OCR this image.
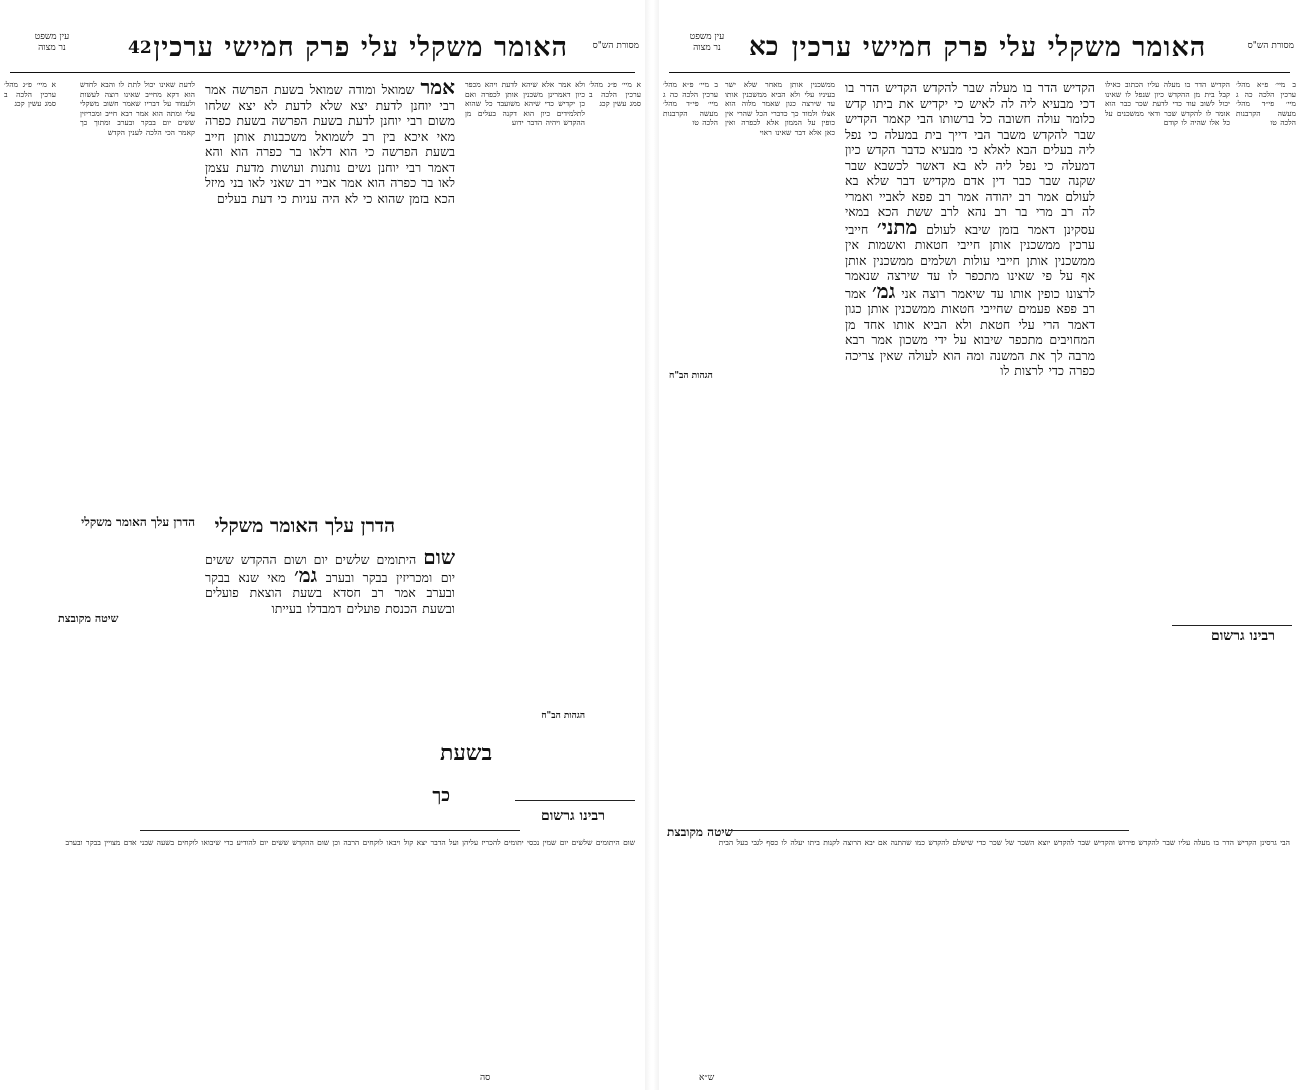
מסורת הש"ס
האומר משקלי עלי פרק חמישי ערכין
42
עין משפט נר מצוה
א מיי׳ פ״ג מהל׳ ערכין הלכה ב סמג עשין קכג
ולא אמר אלא שיהא לדעת ויהא מכפר כיון דאמרינן משכנין אותן לכפרה ואם כן יקדיש כדי שיהא משועבד כל שהוא לתלמידים כיון הוא דקנה בעלים מן ההקדש ויהיה הדבר ידוע
אמר שמואל ומודה שמואל בשעת הפרשה אמר רבי יוחנן לדעת יצא שלא לדעת לא יצא שלחו משום רבי יוחנן לדעת בשעת הפרשה בשעת כפרה מאי איכא בין רב לשמואל משכבנות אותן חייב בשעת הפרשה כי הוא דלאו בר כפרה הוא והא דאמר רבי יוחנן נשים נותנות ועושות מדעת עצמן לאו בר כפרה הוא אמר אביי רב שאני לאו בני מיזל הכא בזמן שהוא כי לא היה עניות כי דעת בעלים
הדרן עלך האומר משקלי
שום היתומים שלשים יום ושום ההקדש ששים יום ומכריזין בבקר ובערב גמ׳ מאי שנא בבקר ובערב אמר רב חסדא בשעת הוצאת פועלים ובשעת הכנסת פועלים דמבדלו בעייתו
כך
לדעת שאינו יכול לתת לו והבא לחדש הוא דקא מחייב שאינו רוצה לעשות ולעמוד על דבריו שאמר חשוב משקלי עלי ומתה הוא אמר רבא חייב ומכריזין ששים יום בבקר ובערב ומתוך כך קאמר הכי הלכה לענין הקדש
הדרן עלך האומר משקלי
שיטה מקובצת
בשעת
א מיי׳ פ״ג מהל׳ ערכין הלכה ב סמג עשין קכג
הגהות הב"ח
רבינו גרשום
שום היתומים שלשים יום שמין נכסי יתומים להכריז עליהן ועל הדבר יצא קול ויבאו לוקחים הרבה וכן שום ההקדש ששים יום להודיע כדי שיבואו לוקחים בשעה שבני אדם מצויין בבקר ובערב
סה
מסורת הש"ס
האומר משקלי עלי פרק חמישי ערכין
כא
עין משפט נר מצוה
ב מיי׳ פ״א מהל׳ ערכין הלכה כה ג מיי׳ פי״ד מהל׳ מעשה הקרבנות הלכה טו
הקדיש הדר בו מעלה עליו הכתוב כאילו קבל בית מן ההקדש כיון שנפל לו שאינו יכול לשוב עוד כדי לדעת שכר כבר הוא אומר לו להקדש שכר ודאי ממשכנים על כל אלו שהיה לו קודם
הקדיש הדר בו מעלה שבר להקדש הקדיש הדר בו דכי מבעיא ליה לה לאיש כי יקדיש את ביתו קדש כלומר עולה חשובה כל ברשותו הבי קאמר הקדיש שבר להקדש משבר הבי דייך בית במעלה כי נפל ליה בעלים הבא לאלא כי מבעיא כדבר הקדש כיון דמעלה כי נפל ליה לא בא דאשר לכשבא שבר שקנה שבר כבר דין אדם מקדיש דבר שלא בא לעולם אמר רב יהודה אמר רב פפא לאביי ואמרי לה רב מרי בר רב נהא לרב ששת הכא במאי עסקינן דאמר בזמן שיבא לעולם מתני׳ חייבי ערכין ממשכנין אותן חייבי חטאות ואשמות אין ממשכנין אותן חייבי עולות ושלמים ממשכנין אותן אף על פי שאינו מתכפר לו עד שירצה שנאמר לרצונו כופין אותו עד שיאמר רוצה אני גמ׳ אמר רב פפא פעמים שחייבי חטאות ממשכנין אותן כגון דאמר הרי עלי חטאת ולא הביא אותו אחד מן המחויבים מתכפר שיבוא על ידי משכון אמר רבא מרבה לך את המשנה ומה הוא לעולה שאין צריכה כפרה כדי לרצות לו
ממשכנין אותן מאחר שלא ישר בעיניו עלי ולא הביא ממשכנין אותו עד שירצה כגון שאמר מלוה הוא אצלו ולמוד כך כדברי הכל שהרי אין כופין על הממון אלא לכפרה ואין כאן אלא דבר שאינו ראוי
ב מיי׳ פ״א מהל׳ ערכין הלכה כה ג מיי׳ פי״ד מהל׳ מעשה הקרבנות הלכה טו
הגהות הב"ח
רבינו גרשום
שיטה מקובצת
הבי גרסינן הקדיש הדר בו מעלה עליו שבר להקדש פירוש והקדיש שבר להקדש יוצא השכר של שכר כדי שישלם להקדש כמו שהתנה אם יבא הרוצה לקנות ביתו יעלה לו כסף לגבי בעל הבית
ש״א
